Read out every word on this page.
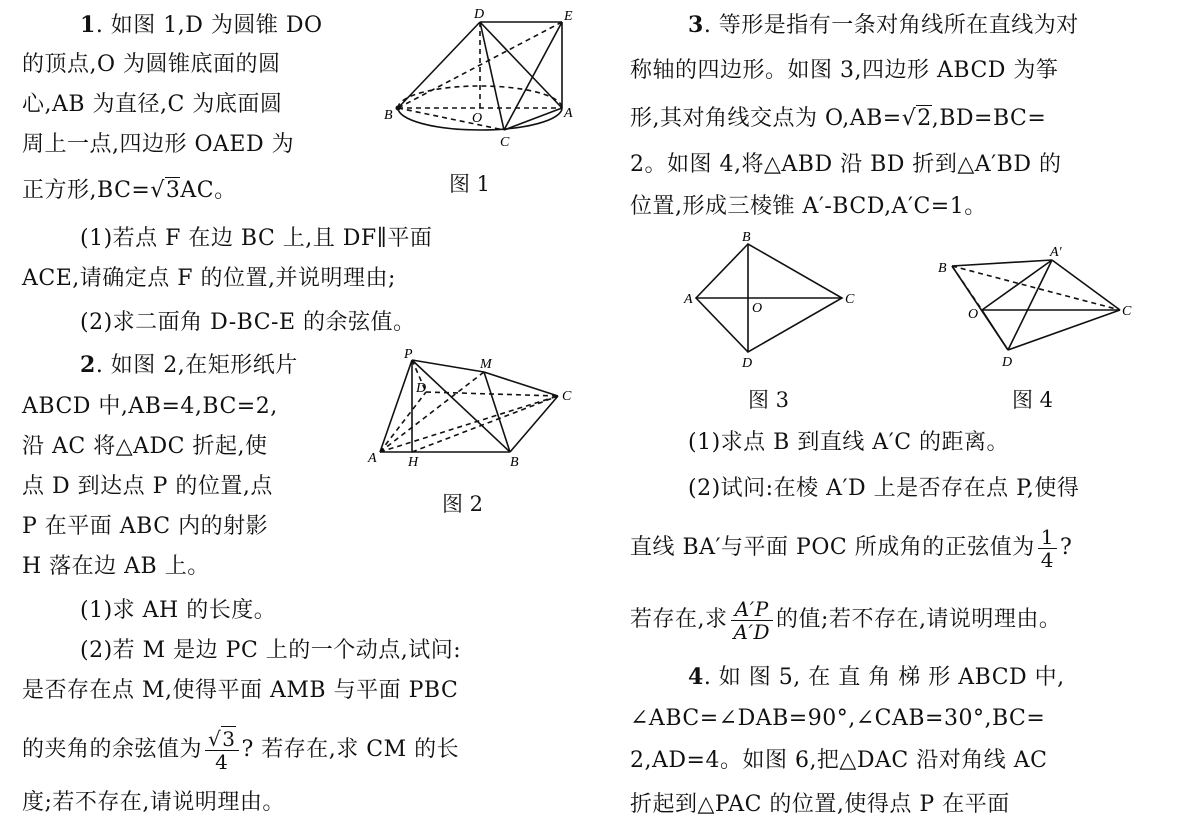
1. 如图 1,D 为圆锥 DO
的顶点,O 为圆锥底面的圆
心,AB 为直径,C 为底面圆
周上一点,四边形 OAED 为
正方形,BC=√3AC。	图 1
(1)若点 F 在边 BC 上,且 DF∥平面
ACE,请确定点 F 的位置,并说明理由;
(2)求二面角 D-BC-E 的余弦值。
2. 如图 2,在矩形纸片
ABCD 中,AB=4,BC=2,
沿 AC 将△ADC 折起,使
点 D 到达点 P 的位置,点
P 在平面 ABC 内的射影
H 落在边 AB 上。
图 2
(1)求 AH 的长度。
(2)若 M 是边 PC 上的一个动点,试问:
是否存在点 M,使得平面 AMB 与平面 PBC
的夹角的余弦值为 $\frac{√3}{4}$ ? 若存在,求 CM 的长
度;若不存在,请说明理由。
D	E
B	O	A
C
P
M
D
C
A H	B
3. 等形是指有一条对角线所在直线为对
称轴的四边形。如图 3,四边形 ABCD 为筝
形,其对角线交点为 O,AB=√2,BD=BC=
2。如图 4,将△ABD 沿 BD 折到△A′BD 的
位置,形成三棱锥 A′-BCD,A′C=1。
图 3	图 4
(1)求点 B 到直线 A′C 的距离。
(2)试问:在棱 A′D 上是否存在点 P,使得
直线 BA′与平面 POC 所成角的正弦值为 $\frac{1}{4}$ ?
若存在,求 $\frac{A'P}{A'D}$ 的值;若不存在,请说明理由。
4. 如 图 5, 在 直 角 梯 形 ABCD 中,
∠ABC=∠DAB=90°,∠CAB=30°,BC=
2,AD=4。如图 6,把△DAC 沿对角线 AC
折起到△PAC 的位置,使得点 P 在平面
B
A
O
C
D
A′
B
O	C
D
